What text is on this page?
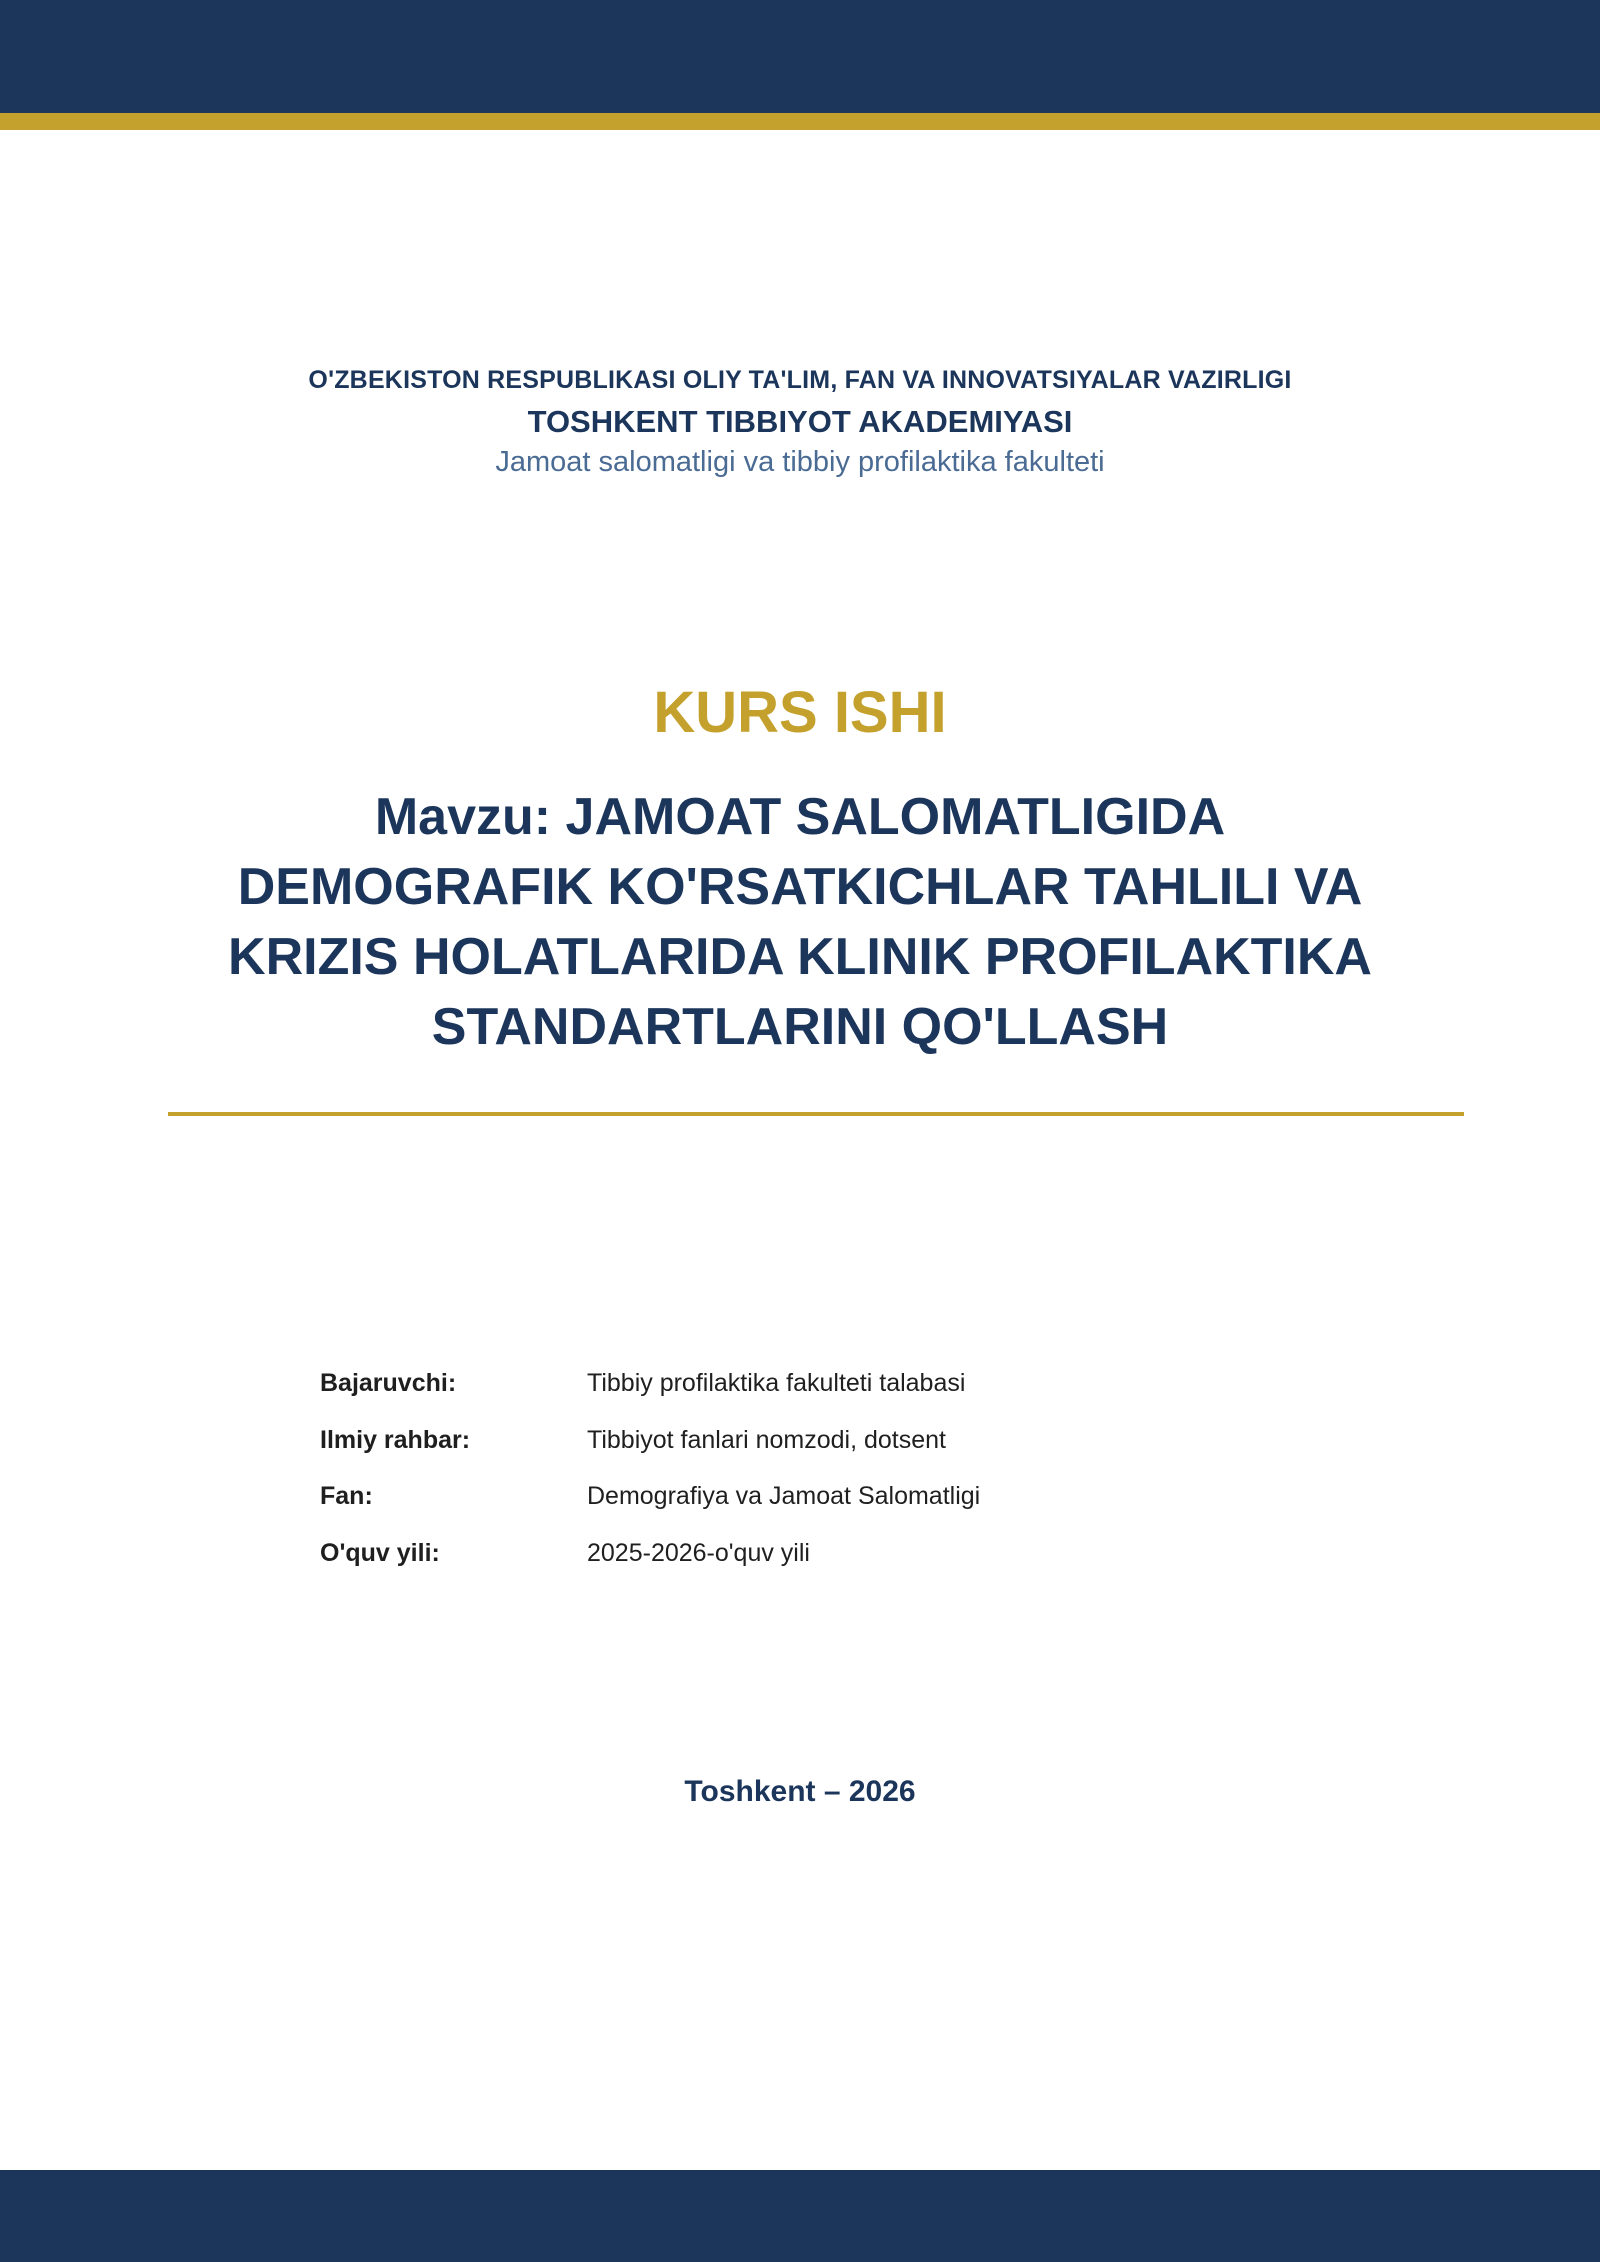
O'ZBEKISTON RESPUBLIKASI OLIY TA'LIM, FAN VA INNOVATSIYALAR VAZIRLIGI
TOSHKENT TIBBIYOT AKADEMIYASI
Jamoat salomatligi va tibbiy profilaktika fakulteti
KURS ISHI
Mavzu: JAMOAT SALOMATLIGIDA
DEMOGRAFIK KO'RSATKICHLAR TAHLILI VA
KRIZIS HOLATLARIDA KLINIK PROFILAKTIKA
STANDARTLARINI QO'LLASH
Bajaruvchi:	Tibbiy profilaktika fakulteti talabasi
Ilmiy rahbar:	Tibbiyot fanlari nomzodi, dotsent
Fan:	Demografiya va Jamoat Salomatligi
O'quv yili:	2025-2026-o'quv yili
Toshkent – 2026
